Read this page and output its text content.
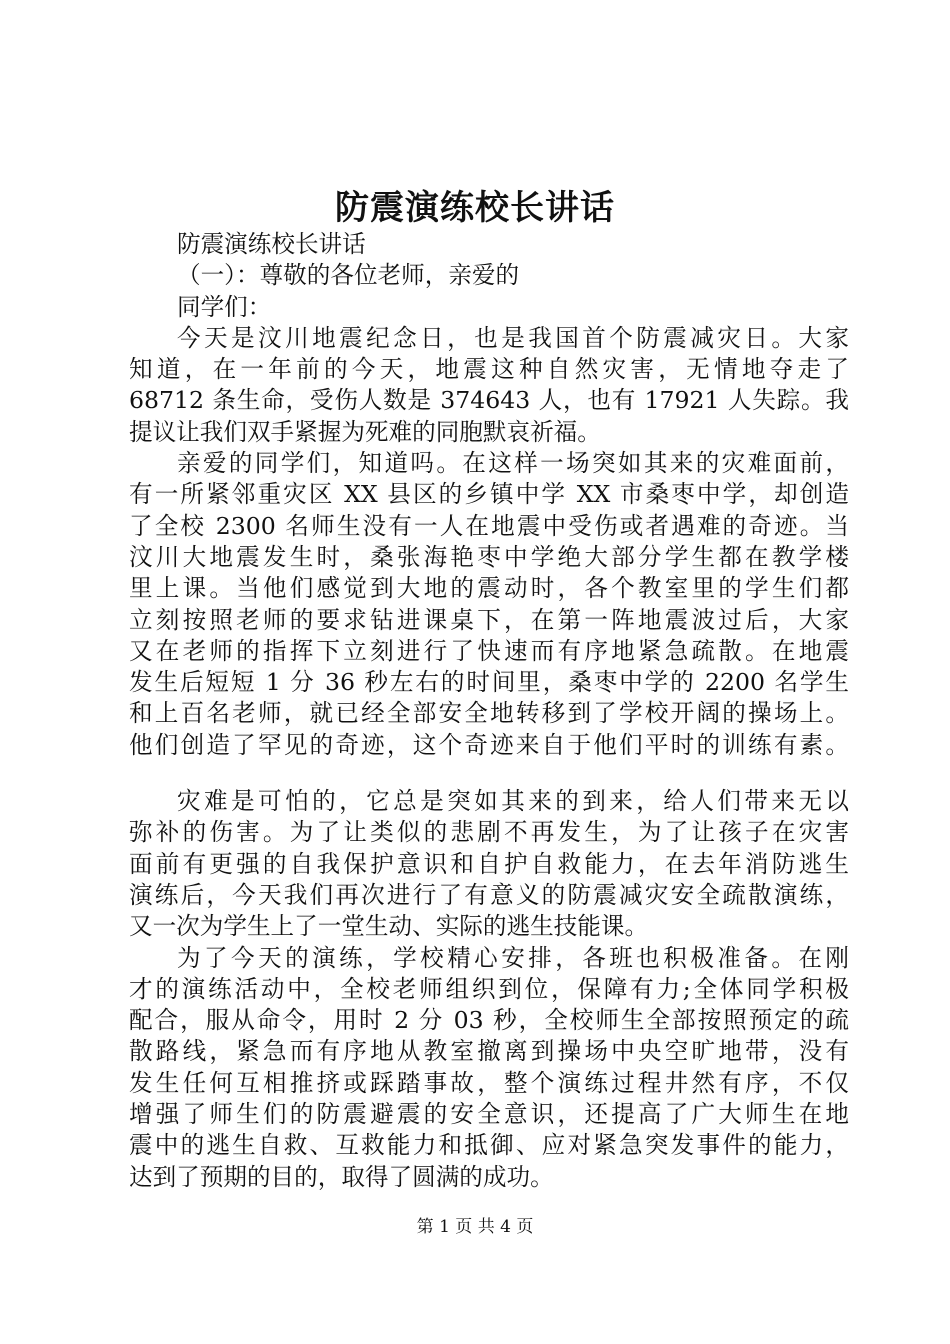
防震演练校长讲话
防震演练校长讲话
（一）：尊敬的各位老师，亲爱的
同学们：
今天是汶川地震纪念日，也是我国首个防震减灾日。大家
知道，在一年前的今天，地震这种自然灾害，无情地夺走了
68712 条生命，受伤人数是 374643 人，也有 17921 人失踪。我
提议让我们双手紧握为死难的同胞默哀祈福。
亲爱的同学们，知道吗。在这样一场突如其来的灾难面前，
有一所紧邻重灾区 XX 县区的乡镇中学 XX 市桑枣中学，却创造
了全校 2300 名师生没有一人在地震中受伤或者遇难的奇迹。当
汶川大地震发生时，桑张海艳枣中学绝大部分学生都在教学楼
里上课。当他们感觉到大地的震动时，各个教室里的学生们都
立刻按照老师的要求钻进课桌下，在第一阵地震波过后，大家
又在老师的指挥下立刻进行了快速而有序地紧急疏散。在地震
发生后短短 1 分 36 秒左右的时间里，桑枣中学的 2200 名学生
和上百名老师，就已经全部安全地转移到了学校开阔的操场上。
他们创造了罕见的奇迹，这个奇迹来自于他们平时的训练有素。
灾难是可怕的，它总是突如其来的到来，给人们带来无以
弥补的伤害。为了让类似的悲剧不再发生，为了让孩子在灾害
面前有更强的自我保护意识和自护自救能力，在去年消防逃生
演练后，今天我们再次进行了有意义的防震减灾安全疏散演练，
又一次为学生上了一堂生动、实际的逃生技能课。
为了今天的演练，学校精心安排，各班也积极准备。在刚
才的演练活动中，全校老师组织到位，保障有力;全体同学积极
配合，服从命令，用时 2 分 03 秒，全校师生全部按照预定的疏
散路线，紧急而有序地从教室撤离到操场中央空旷地带，没有
发生任何互相推挤或踩踏事故，整个演练过程井然有序，不仅
增强了师生们的防震避震的安全意识，还提高了广大师生在地
震中的逃生自救、互救能力和抵御、应对紧急突发事件的能力，
达到了预期的目的，取得了圆满的成功。
第 1 页 共 4 页
